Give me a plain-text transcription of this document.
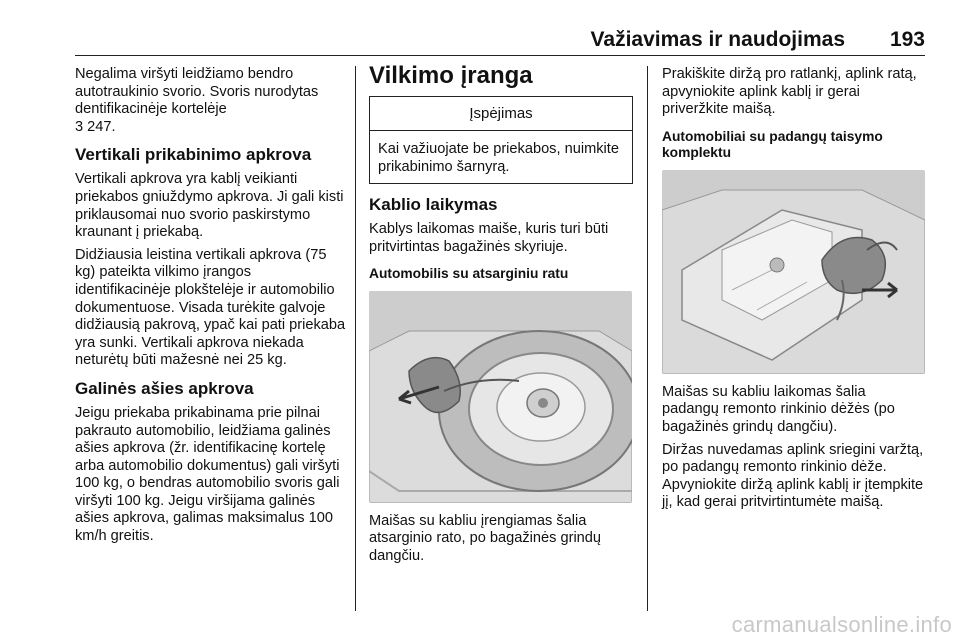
Važiavimas ir naudojimas 193

Negalima viršyti leidžiamo bendro autotraukinio svorio. Svoris nurodytas dentifikacinėje kortelėje
3 247.

Vertikali prikabinimo apkrova

Vertikali apkrova yra kablį veikianti priekabos gniuždymo apkrova. Ji gali kisti priklausomai nuo svorio paskirstymo kraunant į priekabą.

Didžiausia leistina vertikali apkrova (75 kg) pateikta vilkimo įrangos identifikacinėje plokštelėje ir automobilio dokumentuose. Visada turėkite galvoje didžiausią pakrovą, ypač kai pati priekaba yra sunki. Vertikali apkrova niekada neturėtų būti mažesnė nei 25 kg.

Galinės ašies apkrova

Jeigu priekaba prikabinama prie pilnai pakrauto automobilio, leidžiama galinės ašies apkrova (žr. identifikacinę kortelę arba automobilio dokumentus) gali viršyti 100 kg, o bendras automobilio svoris gali viršyti 100 kg. Jeigu viršijama galinės ašies apkrova, galimas maksimalus 100 km/h greitis.

Vilkimo įranga
Įspėjimas
Kai važiuojate be priekabos, nuimkite prikabinimo šarnyrą.
Kablio laikymas

Kablys laikomas maiše, kuris turi būti pritvirtintas bagažinės skyriuje.

Automobilis su atsarginiu ratu

Maišas su kabliu įrengiamas šalia atsarginio rato, po bagažinės grindų dangčiu.

Prakiškite diržą pro ratlankį, aplink ratą, apvyniokite aplink kablį ir gerai priveržkite maišą.

Automobiliai su padangų taisymo komplektu

Maišas su kabliu laikomas šalia padangų remonto rinkinio dėžės (po bagažinės grindų dangčiu).

Diržas nuvedamas aplink sriegini varžtą, po padangų remonto rinkinio dėže. Apvyniokite diržą aplink kablį ir įtempkite jį, kad gerai pritvirtintumėte maišą.

carmanualsonline.info
